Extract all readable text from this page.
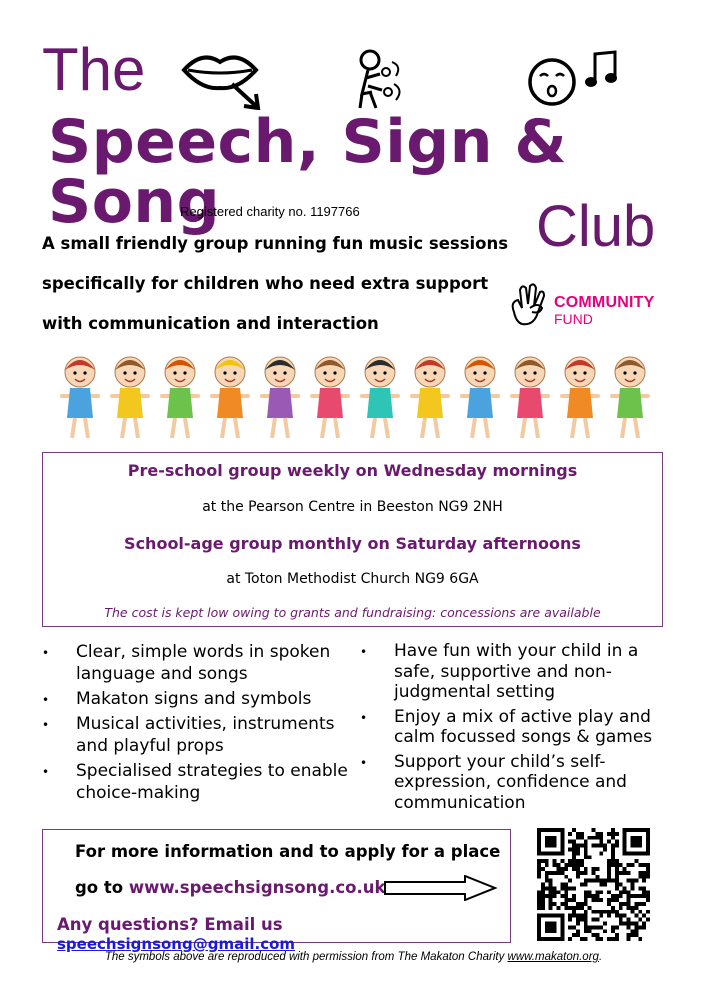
The
Speech, Sign & Song
Registered charity no. 1197766	Club
A small friendly group running fun music sessions
specifically for children who need extra support
with communication and interaction
COMMUNITY
FUND
Pre-school group weekly on Wednesday mornings
at the Pearson Centre in Beeston NG9 2NH
School-age group monthly on Saturday afternoons
at Toton Methodist Church NG9 6GA
The cost is kept low owing to grants and fundraising: concessions are available
• Clear, simple words in spoken language and songs
• Makaton signs and symbols
• Musical activities, instruments and playful props
• Specialised strategies to enable choice-making
• Have fun with your child in a safe, supportive and non-judgmental setting
• Enjoy a mix of active play and calm focussed songs & games
• Support your child’s self-expression, confidence and communication
For more information and to apply for a place
go to www.speechsignsong.co.uk
Any questions? Email us speechsignsong@gmail.com
The symbols above are reproduced with permission from The Makaton Charity www.makaton.org.
